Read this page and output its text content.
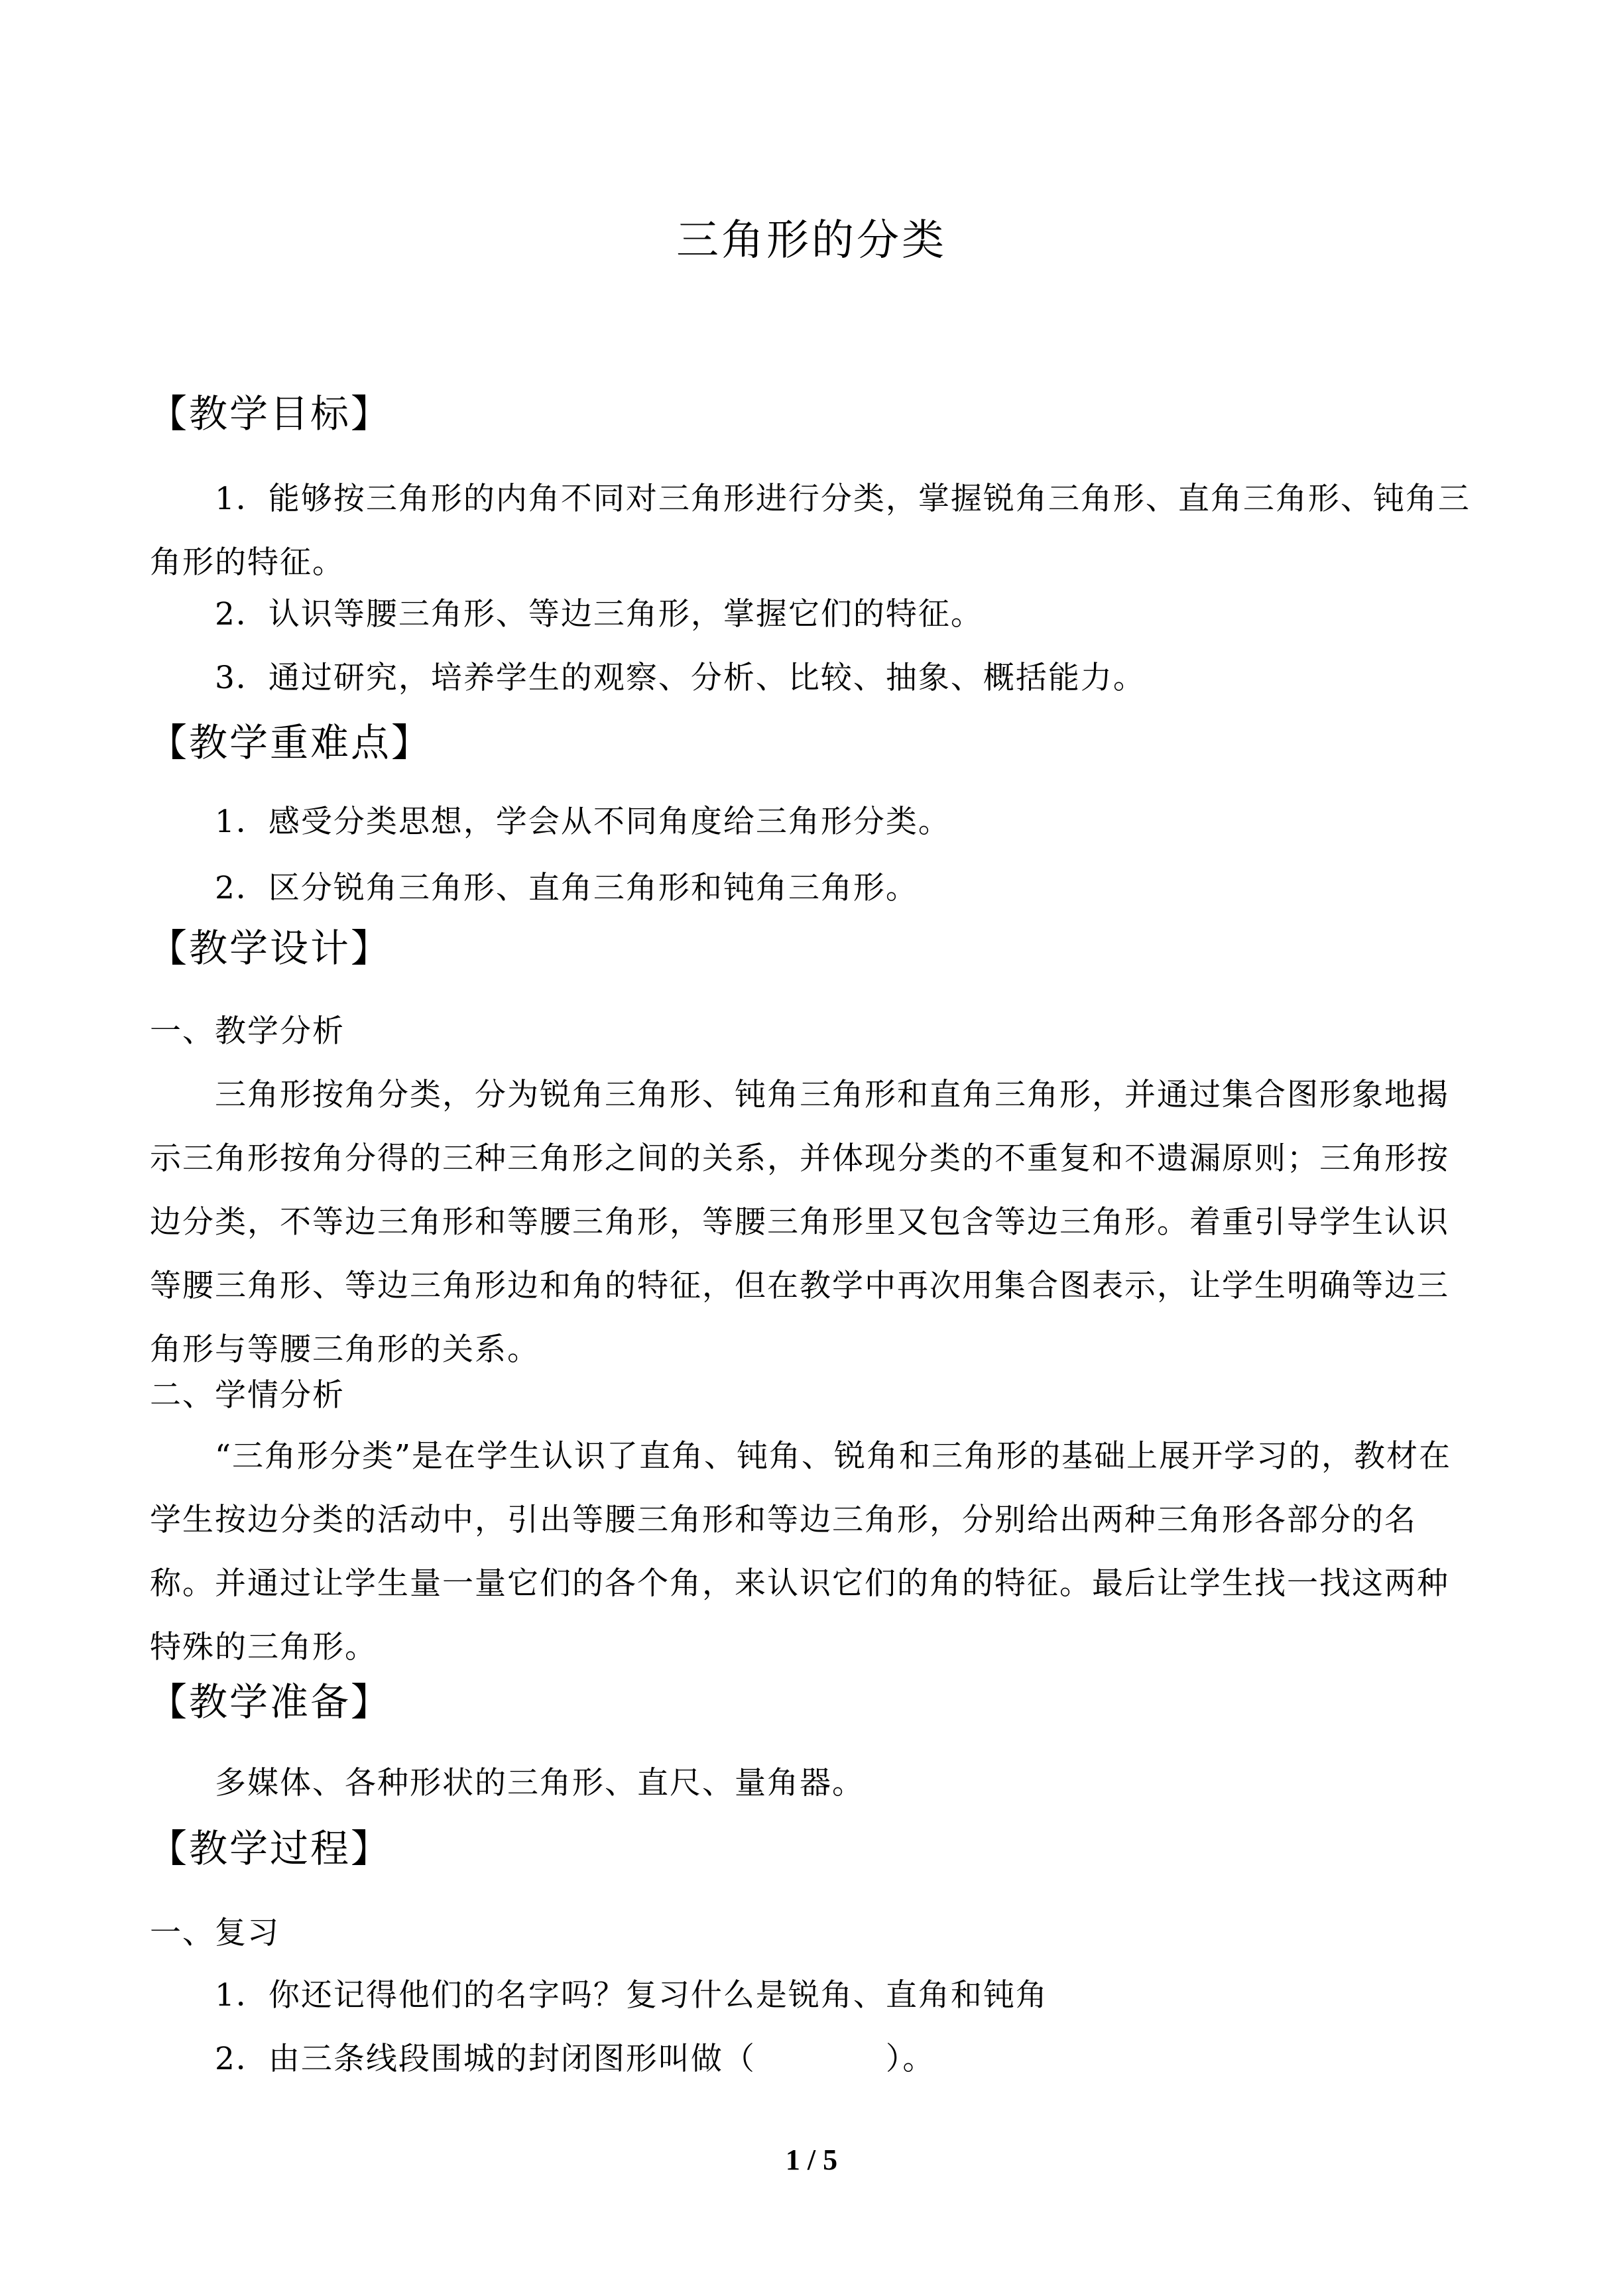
三角形的分类
【教学目标】
1．能够按三角形的内角不同对三角形进行分类，掌握锐角三角形、直角三角形、钝角三角形的特征。
2．认识等腰三角形、等边三角形，掌握它们的特征。
3．通过研究，培养学生的观察、分析、比较、抽象、概括能力。
【教学重难点】
1．感受分类思想，学会从不同角度给三角形分类。
2．区分锐角三角形、直角三角形和钝角三角形。
【教学设计】
一、教学分析
三角形按角分类，分为锐角三角形、钝角三角形和直角三角形，并通过集合图形象地揭示三角形按角分得的三种三角形之间的关系，并体现分类的不重复和不遗漏原则；三角形按边分类，不等边三角形和等腰三角形，等腰三角形里又包含等边三角形。着重引导学生认识等腰三角形、等边三角形边和角的特征，但在教学中再次用集合图表示，让学生明确等边三角形与等腰三角形的关系。
二、学情分析
“三角形分类”是在学生认识了直角、钝角、锐角和三角形的基础上展开学习的，教材在学生按边分类的活动中，引出等腰三角形和等边三角形，分别给出两种三角形各部分的名称。并通过让学生量一量它们的各个角，来认识它们的角的特征。最后让学生找一找这两种特殊的三角形。
【教学准备】
多媒体、各种形状的三角形、直尺、量角器。
【教学过程】
一、复习
1．你还记得他们的名字吗？复习什么是锐角、直角和钝角
2．由三条线段围城的封闭图形叫做（　　　　）。
1 / 5
